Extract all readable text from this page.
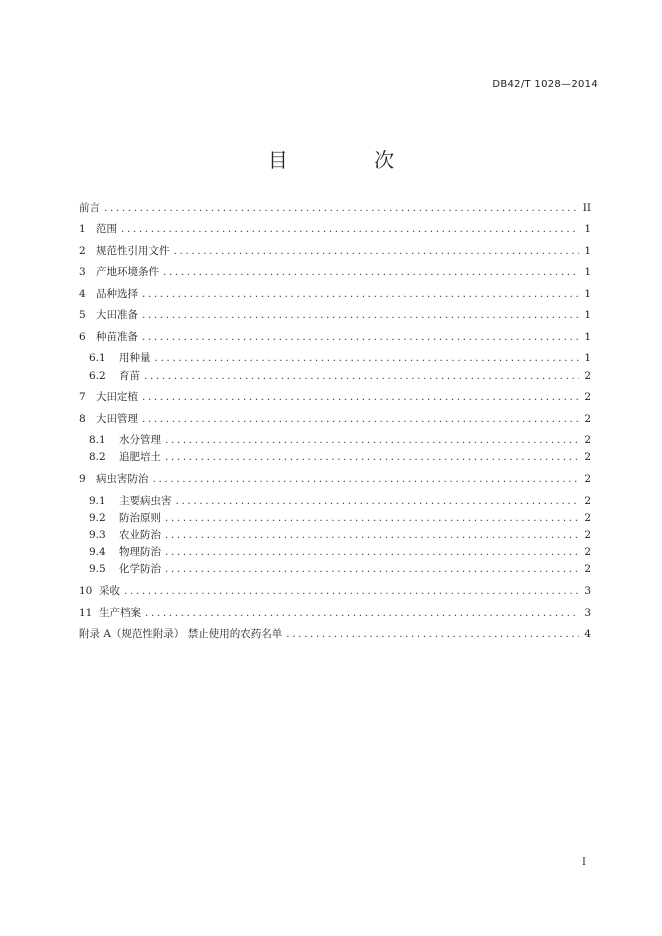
DB42/T 1028—2014
目 次
前言 .....	II
1 范围 .....	1
2 规范性引用文件 .....	1
3 产地环境条件 .....	1
4 品种选择 .....	1
5 大田准备 .....	1
6 种苗准备 .....	1
6.1	用种量 .....	1
6.2	育苗 .....	2
7 大田定植 .....	2
8 大田管理 .....	2
8.1	水分管理 .....	2
8.2	追肥培土 .....	2
9 病虫害防治 .....	2
9.1	主要病虫害 .....	2
9.2	防治原则 .....	2
9.3	农业防治 .....	2
9.4	物理防治 .....	2
9.5	化学防治 .....	2
10 采收 .....	3
11 生产档案 .....	3
附录 A（规范性附录） 禁止使用的农药名单 .....	4
I
